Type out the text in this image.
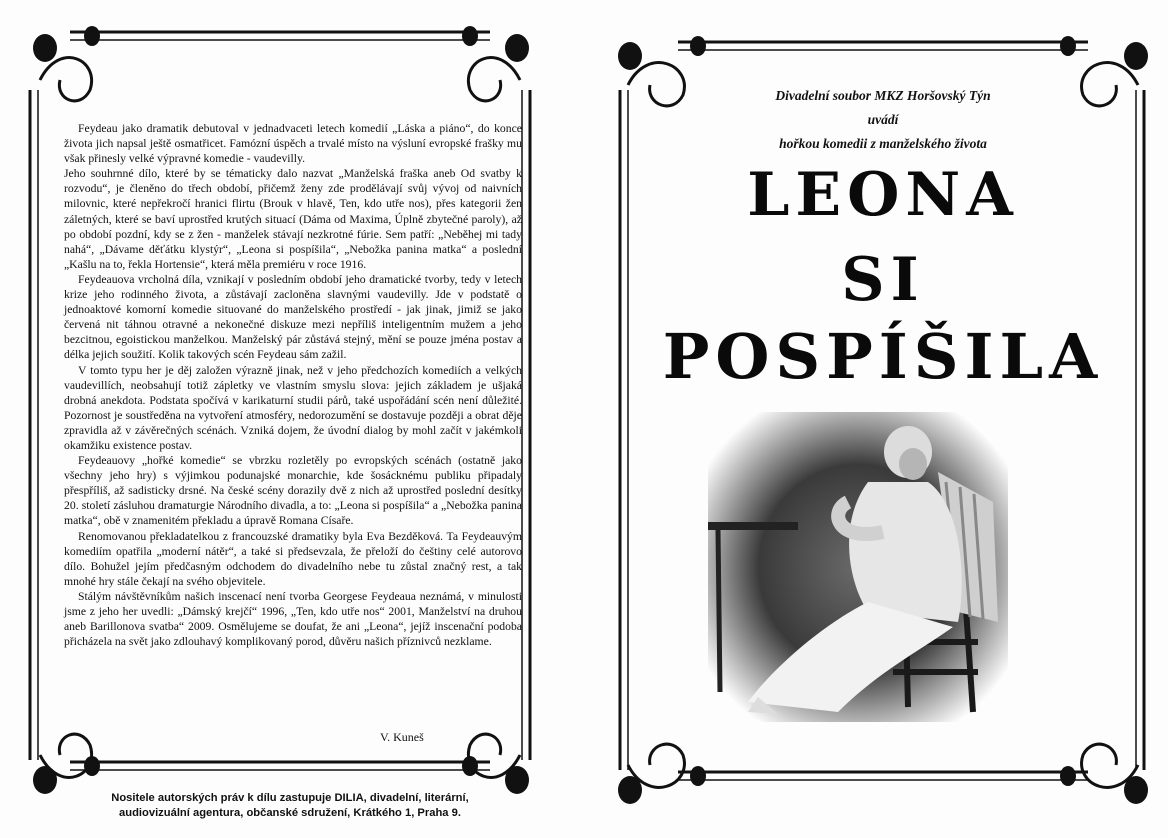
Feydeau jako dramatik debutoval v jednadvaceti letech komedií „Láska a piáno“, do konce života jich napsal ještě osmatřicet. Famózní úspěch a trvalé místo na výsluní evropské frašky mu však přinesly velké výpravné komedie - vaudevilly.

Jeho souhrnné dílo, které by se tématicky dalo nazvat „Manželská fraška aneb Od svatby k rozvodu“, je členěno do třech období, přičemž ženy zde prodělávají svůj vývoj od naivních milovnic, které nepřekročí hranici flirtu (Brouk v hlavě, Ten, kdo utře nos), přes kategorii žen záletných, které se baví uprostřed krutých situací (Dáma od Maxima, Úplně zbytečné paroly), až po období pozdní, kdy se z žen - manželek stávají nezkrotné fúrie. Sem patří: „Neběhej mi tady nahá“, „Dávame děťátku klystýr“, „Leona si pospíšila“, „Nebožka panina matka“ a poslední „Kašlu na to, řekla Hortensie“, která měla premiéru v roce 1916.

Feydeauova vrcholná díla, vznikají v posledním období jeho dramatické tvorby, tedy v letech krize jeho rodinného života, a zůstávají zacloněna slavnými vaudevilly. Jde v podstatě o jednoaktové komorní komedie situované do manželského prostředí - jak jinak, jimiž se jako červená nit táhnou otravné a nekonečné diskuze mezi nepříliš inteligentním mužem a jeho bezcitnou, egoistickou manželkou. Manželský pár zůstává stejný, mění se pouze jména postav a délka jejich soužití. Kolik takových scén Feydeau sám zažil.

V tomto typu her je děj založen výrazně jinak, než v jeho předchozích komediích a velkých vaudevillích, neobsahují totiž zápletky ve vlastním smyslu slova: jejich základem je ušjaká drobná anekdota. Podstata spočívá v karikaturní studii párů, také uspořádání scén není důležité. Pozornost je soustředěna na vytvoření atmosféry, nedorozumění se dostavuje později a obrat děje zpravidla až v závěrečných scénách. Vzniká dojem, že úvodní dialog by mohl začít v jakémkoli okamžiku existence postav.

Feydeauovy „hořké komedie“ se vbrzku rozletěly po evropských scénách (ostatně jako všechny jeho hry) s výjimkou podunajské monarchie, kde šosácknému publiku připadaly přespříliš, až sadisticky drsné. Na české scény dorazily dvě z nich až uprostřed poslední desítky 20. století zásluhou dramaturgie Národního divadla, a to: „Leona si pospíšila“ a „Nebožka panina matka“, obě v znamenitém překladu a úpravě Romana Císaře.

Renomovanou překladatelkou z francouzské dramatiky byla Eva Bezděková. Ta Feydeauvým komediím opatřila „moderní nátěr“, a také si předsevzala, že přeloží do češtiny celé autorovo dílo. Bohužel jejím předčasným odchodem do divadelního nebe tu zůstal značný rest, a tak mnohé hry stále čekají na svého objevitele.

Stálým návštěvníkům našich inscenací není tvorba Georgese Feydeaua neznámá, v minulosti jsme z jeho her uvedli: „Dámský krejčí“ 1996, „Ten, kdo utře nos“ 2001, Manželství na druhou aneb Barillonova svatba“ 2009. Osmělujeme se doufat, že ani „Leona“, jejíž inscenační podoba přicházela na svět jako zdlouhavý komplikovaný porod, důvěru našich příznivců nezklame.

V. Kuneš
Nositele autorských práv k dílu zastupuje DILIA, divadelní, literární,
audiovizuální agentura, občanské sdružení, Krátkého 1, Praha 9.
Divadelní soubor MKZ Horšovský Týn
uvádí
hořkou komedii z manželského života
LEONA
SI
POSPÍŠILA
